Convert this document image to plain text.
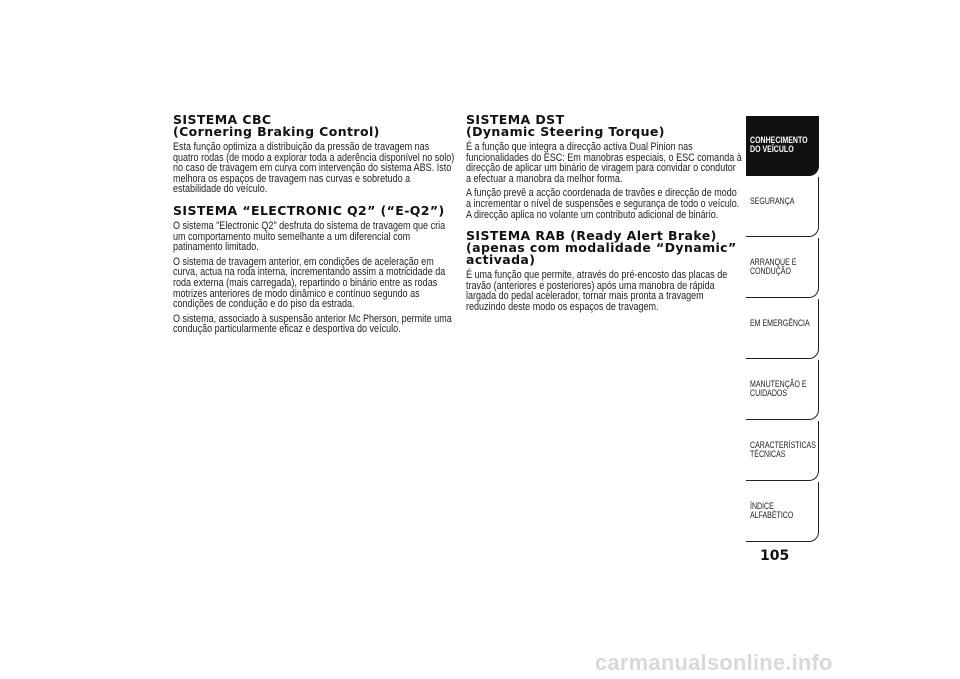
SISTEMA CBC
(Cornering Braking Control)

Esta função optimiza a distribuição da pressão de travagem nas quatro rodas (de modo a explorar toda a aderência disponível no solo) no caso de travagem em curva com intervenção do sistema ABS. Isto melhora os espaços de travagem nas curvas e sobretudo a estabilidade do veículo.

SISTEMA “ELECTRONIC Q2” (“E-Q2”)

O sistema "Electronic Q2" desfruta do sistema de travagem que cria um comportamento muito semelhante a um diferencial com patinamento limitado.

O sistema de travagem anterior, em condições de aceleração em curva, actua na roda interna, incrementando assim a motricidade da roda externa (mais carregada), repartindo o binário entre as rodas motrizes anteriores de modo dinâmico e contínuo segundo as condições de condução e do piso da estrada.

O sistema, associado à suspensão anterior Mc Pherson, permite uma condução particularmente eficaz e desportiva do veículo.

SISTEMA DST
(Dynamic Steering Torque)

É a função que integra a direcção activa Dual Pinion nas funcionalidades do ESC: Em manobras especiais, o ESC comanda à direcção de aplicar um binário de viragem para convidar o condutor a efectuar a manobra da melhor forma.

A função prevê a acção coordenada de travões e direcção de modo a incrementar o nível de suspensões e segurança de todo o veículo. A direcção aplica no volante um contributo adicional de binário.

SISTEMA RAB (Ready Alert Brake)
(apenas com modalidade “Dynamic”
activada)

É uma função que permite, através do pré-encosto das placas de travão (anteriores e posteriores) após uma manobra de rápida largada do pedal acelerador, tornar mais pronta a travagem reduzindo deste modo os espaços de travagem.

CONHECIMENTO DO VEÍCULO
SEGURANÇA
ARRANQUE E CONDUÇÃO
EM EMERGÊNCIA
MANUTENÇÃO E CUIDADOS
CARACTERÍSTICAS TÉCNICAS
ÍNDICE ALFABÉTICO
105
carmanualsonline.info
